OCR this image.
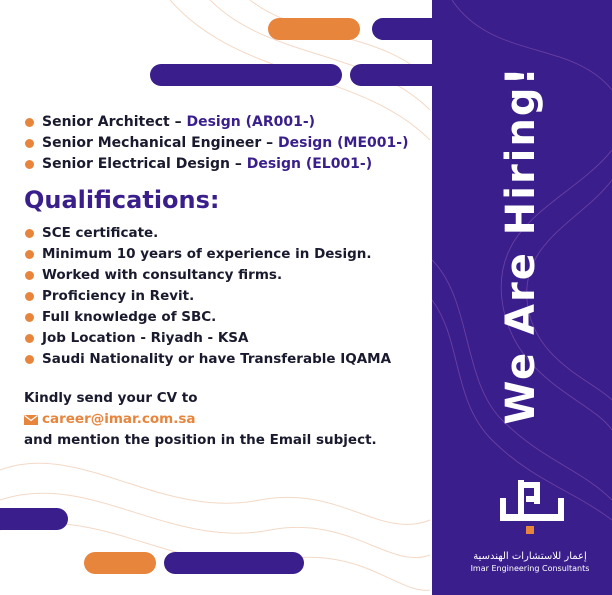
We Are Hiring!
إعمار للاستشارات الهندسية
Imar Engineering Consultants
Senior Architect – Design (AR001-)
Senior Mechanical Engineer – Design (ME001-)
Senior Electrical Design – Design (EL001-)
Qualifications:
SCE certificate.
Minimum 10 years of experience in Design.
Worked with consultancy firms.
Proficiency in Revit.
Full knowledge of SBC.
Job Location - Riyadh - KSA
Saudi Nationality or have Transferable IQAMA
Kindly send your CV to
career@imar.com.sa
and mention the position in the Email subject.
